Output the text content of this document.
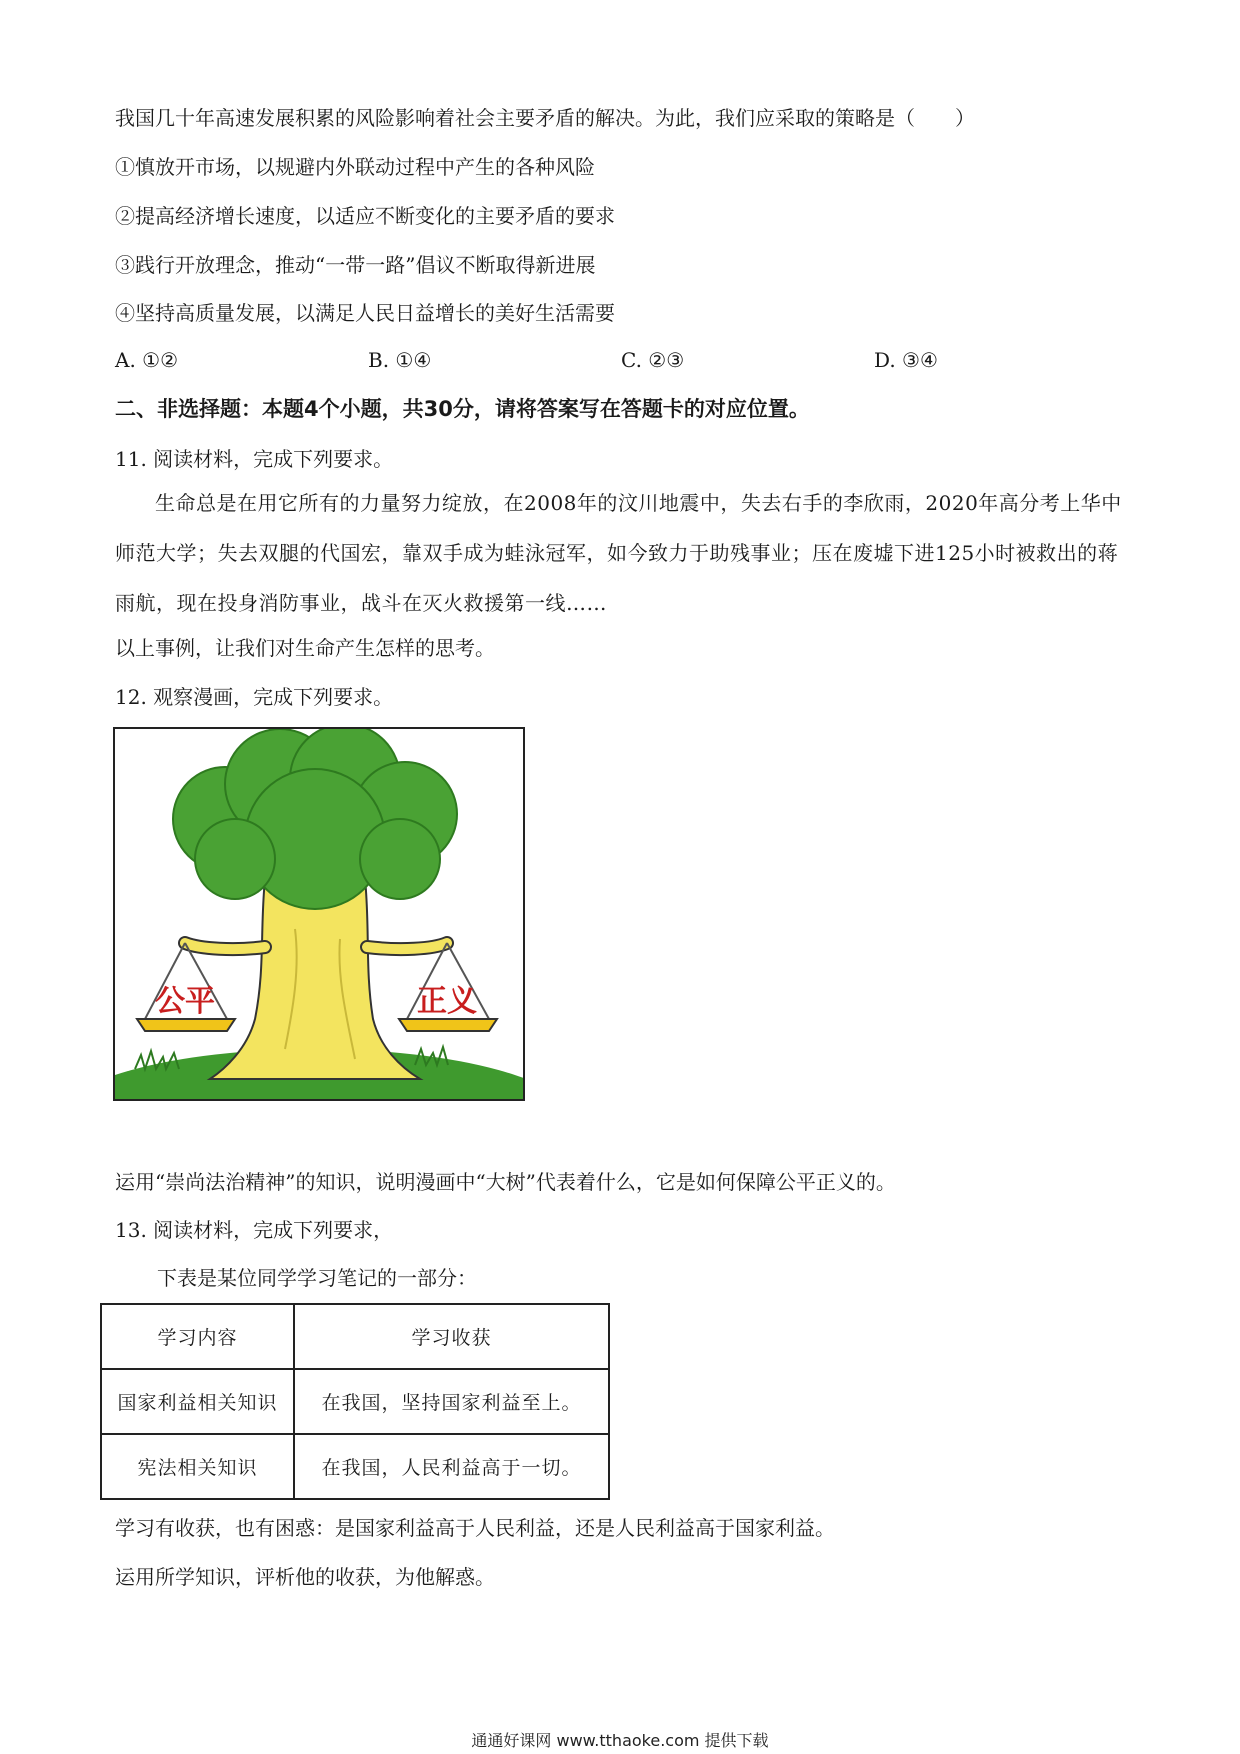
我国几十年高速发展积累的风险影响着社会主要矛盾的解决。为此，我们应采取的策略是（　　）
①慎放开市场，以规避内外联动过程中产生的各种风险
②提高经济增长速度，以适应不断变化的主要矛盾的要求
③践行开放理念，推动“一带一路”倡议不断取得新进展
④坚持高质量发展，以满足人民日益增长的美好生活需要
A. ①②	B. ①④	C. ②③	D. ③④
二、非选择题：本题4个小题，共30分，请将答案写在答题卡的对应位置。
11. 阅读材料，完成下列要求。
生命总是在用它所有的力量努力绽放，在2008年的汶川地震中，失去右手的李欣雨，2020年高分考上华中师范大学；失去双腿的代国宏，靠双手成为蛙泳冠军，如今致力于助残事业；压在废墟下进125小时被救出的蒋雨航，现在投身消防事业，战斗在灭火救援第一线……
以上事例，让我们对生命产生怎样的思考。
12. 观察漫画，完成下列要求。
公平	正义
运用“崇尚法治精神”的知识，说明漫画中“大树”代表着什么，它是如何保障公平正义的。
13. 阅读材料，完成下列要求，
下表是某位同学学习笔记的一部分：
学习内容	学习收获
国家利益相关知识	在我国，坚持国家利益至上。
宪法相关知识	在我国，人民利益高于一切。
学习有收获，也有困惑：是国家利益高于人民利益，还是人民利益高于国家利益。
运用所学知识，评析他的收获，为他解惑。
通通好课网 www.tthaoke.com 提供下载
